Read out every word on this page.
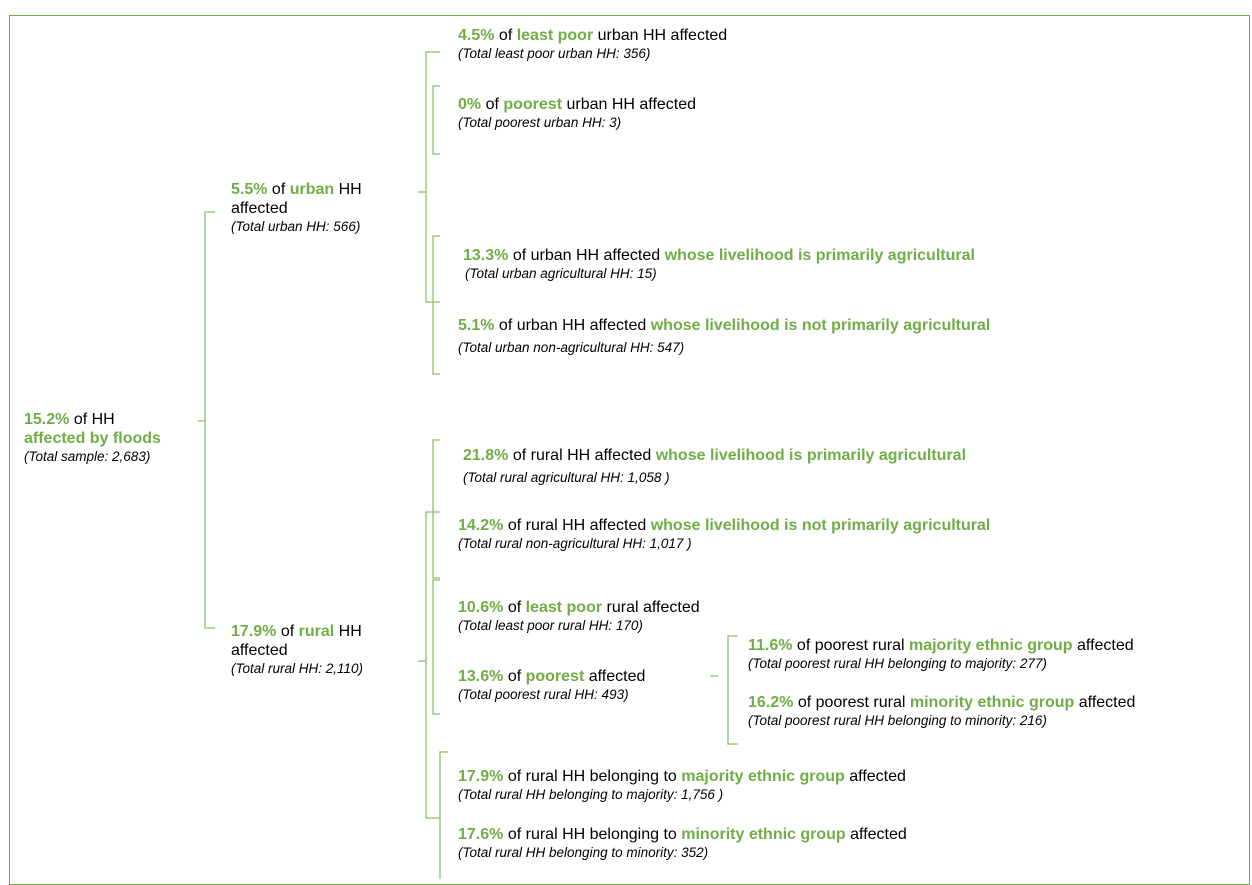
15.2% of HH
affected by floods
(Total sample: 2,683)
5.5% of urban HH
affected
(Total urban HH: 566)
17.9% of rural HH
affected
(Total rural HH: 2,110)
4.5% of least poor urban HH affected
(Total least poor urban HH: 356)
0% of poorest urban HH affected
(Total poorest urban HH: 3)
13.3% of urban HH affected whose livelihood is primarily agricultural
(Total urban agricultural HH: 15)
5.1% of urban HH affected whose livelihood is not primarily agricultural
(Total urban non-agricultural HH: 547)
21.8% of rural HH affected whose livelihood is primarily agricultural
(Total rural agricultural HH: 1,058 )
14.2% of rural HH affected whose livelihood is not primarily agricultural
(Total rural non-agricultural HH: 1,017 )
10.6% of least poor rural affected
(Total least poor rural HH: 170)
13.6% of poorest affected
(Total poorest rural HH: 493)
11.6% of poorest rural majority ethnic group affected
(Total poorest rural HH belonging to majority: 277)
16.2% of poorest rural minority ethnic group affected
(Total poorest rural HH belonging to minority: 216)
17.9% of rural HH belonging to majority ethnic group affected
(Total rural HH belonging to majority: 1,756 )
17.6% of rural HH belonging to minority ethnic group affected
(Total rural HH belonging to minority: 352)
